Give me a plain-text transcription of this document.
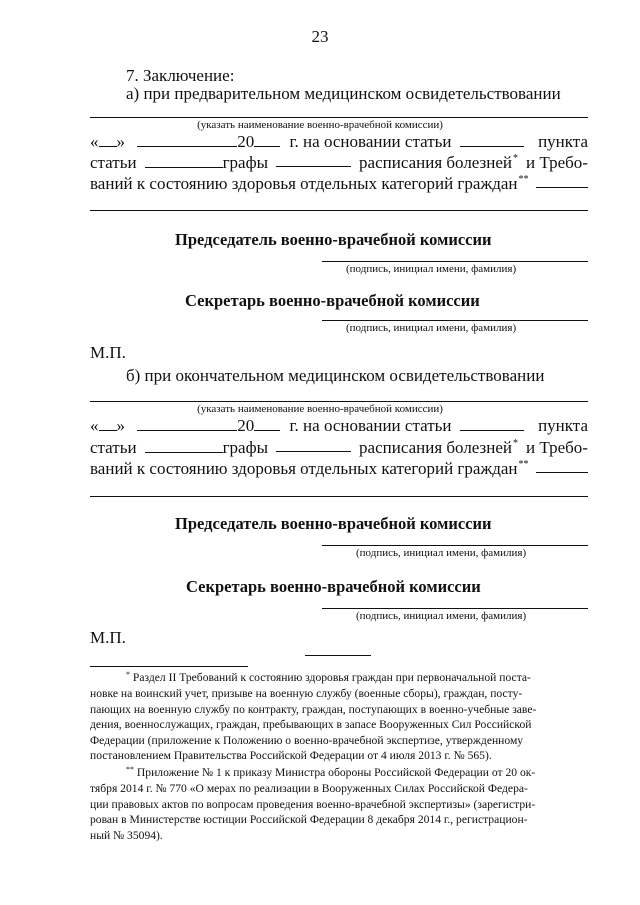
23
7. Заключение:
а) при предварительном медицинском освидетельствовании
(указать наименование военно-врачебной комиссии)
« »	20 г. на основании статьи	пункта
статьи	графы	расписания болезней* и Требо-
ваний к состоянию здоровья отдельных категорий граждан**
Председатель военно-врачебной комиссии
(подпись, инициал имени, фамилия)
Секретарь военно-врачебной комиссии
(подпись, инициал имени, фамилия)
М.П.
б) при окончательном медицинском освидетельствовании
(указать наименование военно-врачебной комиссии)
« »	20 г. на основании статьи	пункта
статьи	графы	расписания болезней* и Требо-
ваний к состоянию здоровья отдельных категорий граждан**
Председатель военно-врачебной комиссии
(подпись, инициал имени, фамилия)
Секретарь военно-врачебной комиссии
(подпись, инициал имени, фамилия)
М.П.
* Раздел II Требований к состоянию здоровья граждан при первоначальной поста-
новке на воинский учет, призыве на военную службу (военные сборы), граждан, посту-
пающих на военную службу по контракту, граждан, поступающих в военно-учебные заве-
дения, военнослужащих, граждан, пребывающих в запасе Вооруженных Сил Российской
Федерации (приложение к Положению о военно-врачебной экспертизе, утвержденному
постановлением Правительства Российской Федерации от 4 июля 2013 г. № 565).
** Приложение № 1 к приказу Министра обороны Российской Федерации от 20 ок-
тября 2014 г. № 770 «О мерах по реализации в Вооруженных Силах Российской Федера-
ции правовых актов по вопросам проведения военно-врачебной экспертизы» (зарегистри-
рован в Министерстве юстиции Российской Федерации 8 декабря 2014 г., регистрацион-
ный № 35094).
